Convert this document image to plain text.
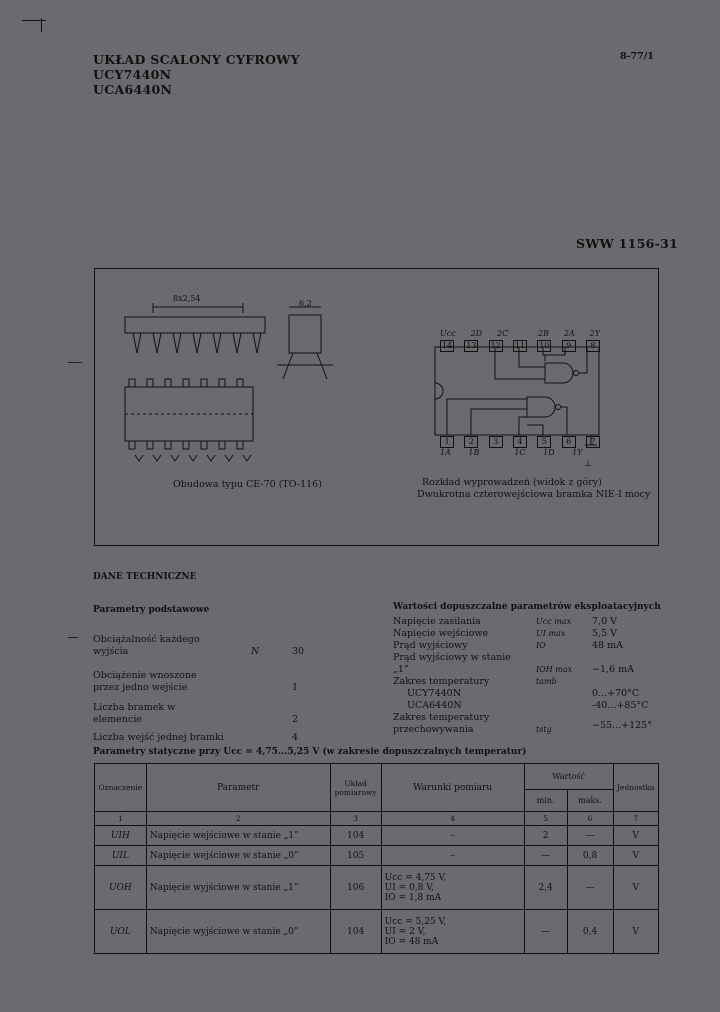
UKŁAD SCALONY CYFROWY
UCY7440N
UCA6440N
8-77/1
SWW 1156-31
8x2,54
6,2
Obudowa typu CE-70 (TO-116)
Ucc 2D 2C	2B 2A 2Y
14 13 12 11 10	9	8
1	2	3	4	5	6	7
1A 1B	1C 1D 1Y
⊥
Rozkład wyprowadzeń (widok z góry)
Dwukrotna czterowejściowa bramka NIE-I mocy
DANE TECHNICZNE
Parametry podstawowe
Obciążalność każdego wyjścia	N	30
Obciążenie wnoszone przez jedno wejście	1
Liczba bramek w elemencie	2
Liczba wejść jednej bramki	4
Wartości dopuszczalne parametrów eksploatacyjnych
Napięcie zasilania	Ucc max 7,0 V
Napięcie wejściowe	UI max	5,5 V
Prąd wyjściowy	IO	48 mA
Prąd wyjściowy w stanie „1”	IOH max −1,6 mA
Zakres temperatury	tamb
UCY7440N	0...+70°C
UCA6440N	-40...+85°C
Zakres temperatury przechowywania	tstg	−55...+125°
Parametry statyczne przy Ucc = 4,75...5,25 V (w zakresie dopuszczalnych temperatur)
Oznaczenie	Parametr	Układ pomiarowy	Warunki pomiaru	Wartość		Jednostka
				min.	maks.	
1	2	3	4	5	6	7
UIH	Napięcie wejściowe w stanie „1”	104	–	2	—	V
UIL	Napięcie wejściowe w stanie „0”	105	–	—	0,8	V
UOH	Napięcie wyjściowe w stanie „1”	106	Ucc = 4,75 V,
UI = 0,8 V,
IO = 1,8 mA	2,4	—	V
UOL	Napięcie wyjściowe w stanie „0”	104	Ucc = 5,25 V,
UI = 2 V,
IO = 48 mA	—	0,4	V
